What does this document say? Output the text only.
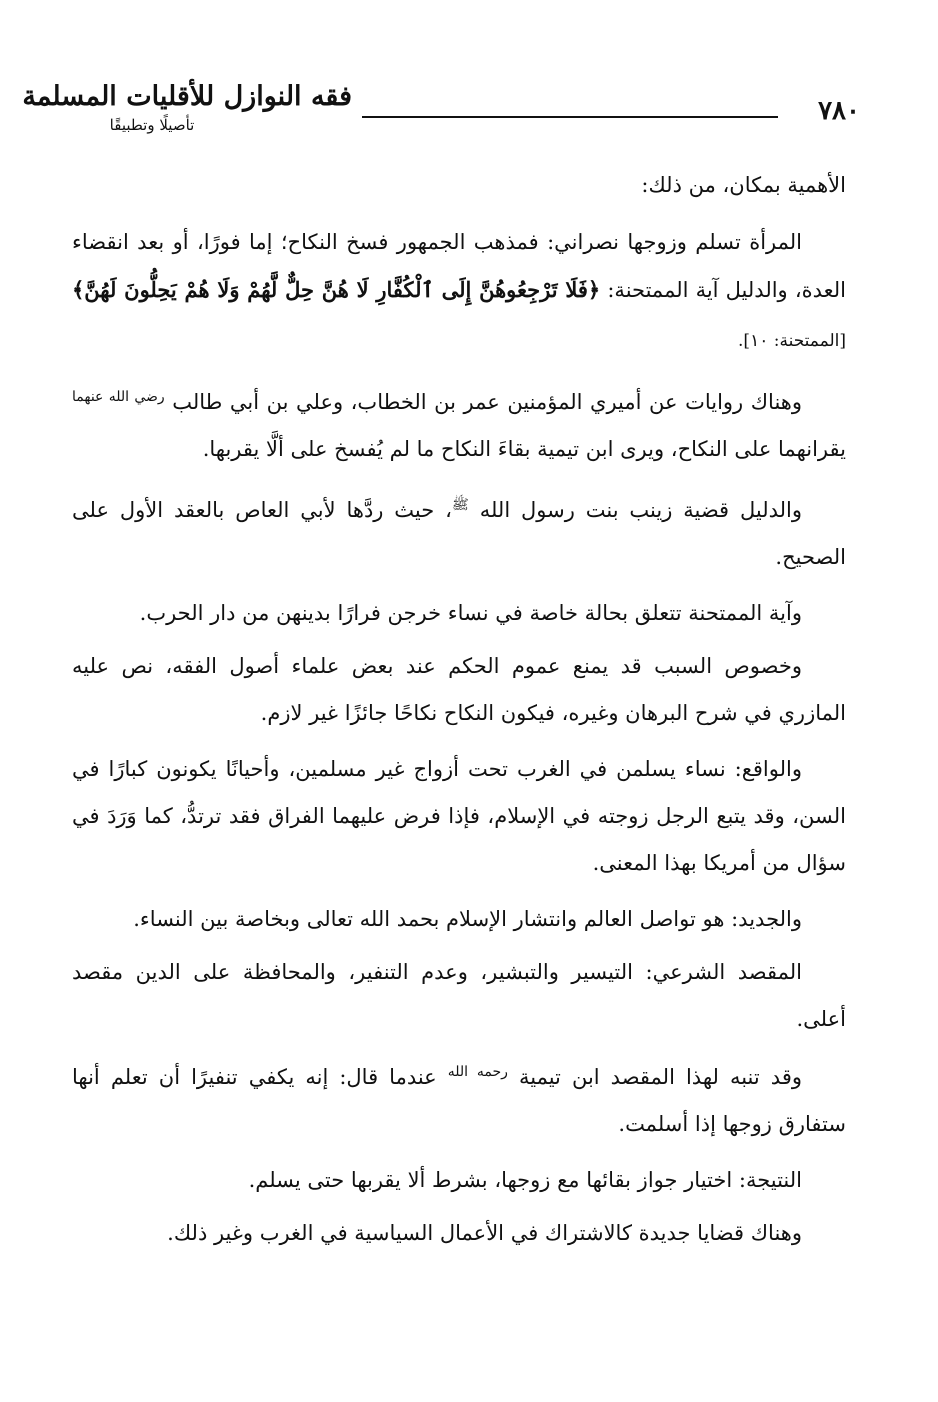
٧٨٠
فقه النوازل للأقليات المسلمة
تأصيلًا وتطبيقًا

الأهمية بمكان، من ذلك:

المرأة تسلم وزوجها نصراني: فمذهب الجمهور فسخ النكاح؛ إما فورًا، أو بعد انقضاء العدة، والدليل آية الممتحنة: ﴿فَلَا تَرْجِعُوهُنَّ إِلَى ٱلْكُفَّارِ لَا هُنَّ حِلٌّ لَّهُمْ وَلَا هُمْ يَحِلُّونَ لَهُنَّ﴾ [الممتحنة: ١٠].

وهناك روايات عن أميري المؤمنين عمر بن الخطاب، وعلي بن أبي طالب $^{رضي الله عنهما}$ يقرانهما على النكاح، ويرى ابن تيمية بقاءَ النكاح ما لم يُفسخ على ألَّا يقربها.

والدليل قضية زينب بنت رسول الله $^ﷺ$، حيث ردَّها لأبي العاص بالعقد الأول على الصحيح.

وآية الممتحنة تتعلق بحالة خاصة في نساء خرجن فرارًا بدينهن من دار الحرب.

وخصوص السبب قد يمنع عموم الحكم عند بعض علماء أصول الفقه، نص عليه المازري في شرح البرهان وغيره، فيكون النكاح نكاحًا جائزًا غير لازم.

والواقع: نساء يسلمن في الغرب تحت أزواج غير مسلمين، وأحيانًا يكونون كبارًا في السن، وقد يتبع الرجل زوجته في الإسلام، فإذا فرض عليهما الفراق فقد ترتدُّ، كما وَرَدَ في سؤال من أمريكا بهذا المعنى.

والجديد: هو تواصل العالم وانتشار الإسلام بحمد الله تعالى وبخاصة بين النساء.

المقصد الشرعي: التيسير والتبشير، وعدم التنفير، والمحافظة على الدين مقصد أعلى.

وقد تنبه لهذا المقصد ابن تيمية $^{رحمه الله}$ عندما قال: إنه يكفي تنفيرًا أن تعلم أنها ستفارق زوجها إذا أسلمت.

النتيجة: اختيار جواز بقائها مع زوجها، بشرط ألا يقربها حتى يسلم.

وهناك قضايا جديدة كالاشتراك في الأعمال السياسية في الغرب وغير ذلك.
